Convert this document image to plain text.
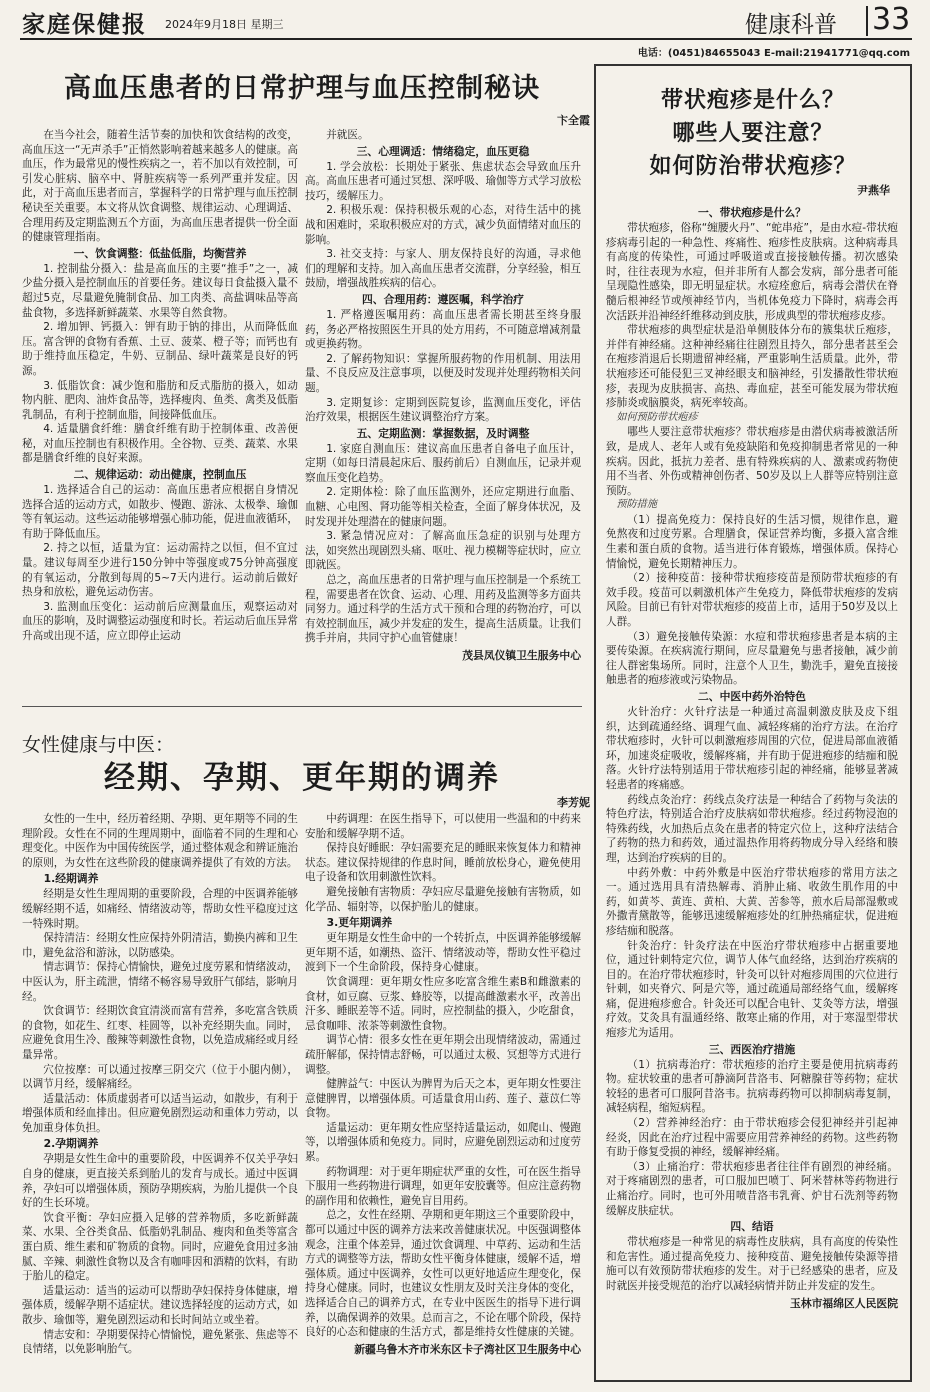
家庭保健报 2024年9月18日 星期三	健康科普 33
电话：(0451)84655043 E-mail:21941771@qq.com
高血压患者的日常护理与血压控制秘诀
卞全霞
在当今社会，随着生活节奏的加快和饮食结构的改变，高血压这一“无声杀手”正悄然影响着越来越多人的健康。高血压，作为最常见的慢性疾病之一，若不加以有效控制，可引发心脏病、脑卒中、肾脏疾病等一系列严重并发症。因此，对于高血压患者而言，掌握科学的日常护理与血压控制秘诀至关重要。本文将从饮食调整、规律运动、心理调适、合理用药及定期监测五个方面，为高血压患者提供一份全面的健康管理指南。
一、饮食调整：低盐低脂，均衡营养
1. 控制盐分摄入：盐是高血压的主要“推手”之一，减少盐分摄入是控制血压的首要任务。建议每日食盐摄入量不超过5克，尽量避免腌制食品、加工肉类、高盐调味品等高盐食物，多选择新鲜蔬菜、水果等自然食物。
2. 增加钾、钙摄入：钾有助于钠的排出，从而降低血压。富含钾的食物有香蕉、土豆、菠菜、橙子等；而钙也有助于维持血压稳定，牛奶、豆制品、绿叶蔬菜是良好的钙源。
3. 低脂饮食：减少饱和脂肪和反式脂肪的摄入，如动物内脏、肥肉、油炸食品等，选择瘦肉、鱼类、禽类及低脂乳制品，有利于控制血脂，间接降低血压。
4. 适量膳食纤维：膳食纤维有助于控制体重、改善便秘，对血压控制也有积极作用。全谷物、豆类、蔬菜、水果都是膳食纤维的良好来源。
二、规律运动：动出健康，控制血压
1. 选择适合自己的运动：高血压患者应根据自身情况选择合适的运动方式，如散步、慢跑、游泳、太极拳、瑜伽等有氧运动。这些运动能够增强心肺功能，促进血液循环，有助于降低血压。
2. 持之以恒，适量为宜：运动需持之以恒，但不宜过量。建议每周至少进行150分钟中等强度或75分钟高强度的有氧运动，分散到每周的5~7天内进行。运动前后做好热身和放松，避免运动伤害。
3. 监测血压变化：运动前后应测量血压，观察运动对血压的影响，及时调整运动强度和时长。若运动后血压异常升高或出现不适，应立即停止运动
并就医。
三、心理调适：情绪稳定，血压更稳
1. 学会放松：长期处于紧张、焦虑状态会导致血压升高。高血压患者可通过冥想、深呼吸、瑜伽等方式学习放松技巧，缓解压力。
2. 积极乐观：保持积极乐观的心态，对待生活中的挑战和困难时，采取积极应对的方式，减少负面情绪对血压的影响。
3. 社交支持：与家人、朋友保持良好的沟通，寻求他们的理解和支持。加入高血压患者交流群，分享经验，相互鼓励，增强战胜疾病的信心。
四、合理用药：遵医嘱，科学治疗
1. 严格遵医嘱用药：高血压患者需长期甚至终身服药，务必严格按照医生开具的处方用药，不可随意增减剂量或更换药物。
2. 了解药物知识：掌握所服药物的作用机制、用法用量、不良反应及注意事项，以便及时发现并处理药物相关问题。
3. 定期复诊：定期到医院复诊，监测血压变化，评估治疗效果，根据医生建议调整治疗方案。
五、定期监测：掌握数据，及时调整
1. 家庭自测血压：建议高血压患者自备电子血压计，定期（如每日清晨起床后、服药前后）自测血压，记录并观察血压变化趋势。
2. 定期体检：除了血压监测外，还应定期进行血脂、血糖、心电图、肾功能等相关检查，全面了解身体状况，及时发现并处理潜在的健康问题。
3. 紧急情况应对：了解高血压急症的识别与处理方法，如突然出现剧烈头痛、呕吐、视力模糊等症状时，应立即就医。
总之，高血压患者的日常护理与血压控制是一个系统工程，需要患者在饮食、运动、心理、用药及监测等多方面共同努力。通过科学的生活方式干预和合理的药物治疗，可以有效控制血压，减少并发症的发生，提高生活质量。让我们携手并肩，共同守护心血管健康！
茂县凤仪镇卫生服务中心
女性健康与中医：
经期、孕期、更年期的调养
李芳妮
女性的一生中，经历着经期、孕期、更年期等不同的生理阶段。女性在不同的生理周期中，面临着不同的生理和心理变化。中医作为中国传统医学，通过整体观念和辨证施治的原则，为女性在这些阶段的健康调养提供了有效的方法。
1.经期调养
经期是女性生理周期的重要阶段，合理的中医调养能够缓解经期不适，如痛经、情绪波动等，帮助女性平稳度过这一特殊时期。
保持清洁：经期女性应保持外阴清洁，勤换内裤和卫生巾，避免盆浴和游泳，以防感染。
情志调节：保持心情愉快，避免过度劳累和情绪波动，中医认为，肝主疏泄，情绪不畅容易导致肝气郁结，影响月经。
饮食调节：经期饮食宜清淡而富有营养，多吃富含铁质的食物，如花生、红枣、桂圆等，以补充经期失血。同时，应避免食用生冷、酸辣等刺激性食物，以免造成痛经或月经量异常。
穴位按摩：可以通过按摩三阴交穴（位于小腿内侧），以调节月经，缓解痛经。
适量活动：体质虚弱者可以适当运动，如散步，有利于增强体质和经血排出。但应避免剧烈运动和重体力劳动，以免加重身体负担。
2.孕期调养
孕期是女性生命中的重要阶段，中医调养不仅关乎孕妇自身的健康，更直接关系到胎儿的发育与成长。通过中医调养，孕妇可以增强体质，预防孕期疾病，为胎儿提供一个良好的生长环境。
饮食平衡：孕妇应摄入足够的营养物质，多吃新鲜蔬菜、水果、全谷类食品、低脂奶乳制品、瘦肉和鱼类等富含蛋白质、维生素和矿物质的食物。同时，应避免食用过多油腻、辛辣、刺激性食物以及含有咖啡因和酒精的饮料，有助于胎儿的稳定。
适量运动：适当的运动可以帮助孕妇保持身体健康，增强体质，缓解孕期不适症状。建议选择轻度的运动方式，如散步、瑜伽等，避免剧烈运动和长时间站立或坐着。
情志安和：孕期要保持心情愉悦，避免紧张、焦虑等不良情绪，以免影响胎气。
中药调理：在医生指导下，可以使用一些温和的中药来安胎和缓解孕期不适。
保持良好睡眠：孕妇需要充足的睡眠来恢复体力和精神状态。建议保持规律的作息时间，睡前放松身心，避免使用电子设备和饮用刺激性饮料。
避免接触有害物质：孕妇应尽量避免接触有害物质，如化学品、辐射等，以保护胎儿的健康。
3.更年期调养
更年期是女性生命中的一个转折点，中医调养能够缓解更年期不适，如潮热、盗汗、情绪波动等，帮助女性平稳过渡到下一个生命阶段，保持身心健康。
饮食调理：更年期女性应多吃富含维生素B和雌激素的食材，如豆腐、豆浆、蜂胶等，以提高雌激素水平，改善出汗多、睡眠差等不适。同时，应控制盐的摄入，少吃甜食，忌食咖啡、浓茶等刺激性食物。
调节心情：很多女性在更年期会出现情绪波动，需通过疏肝解郁，保持情志舒畅，可以通过太极、冥想等方式进行调整。
健脾益气：中医认为脾胃为后天之本，更年期女性要注意健脾胃，以增强体质。可适量食用山药、莲子、薏苡仁等食物。
适量运动：更年期女性应坚持适量运动，如爬山、慢跑等，以增强体质和免疫力。同时，应避免剧烈运动和过度劳累。
药物调理：对于更年期症状严重的女性，可在医生指导下服用一些药物进行调理，如更年安胶囊等。但应注意药物的副作用和依赖性，避免盲目用药。
总之，女性在经期、孕期和更年期这三个重要阶段中，都可以通过中医的调养方法来改善健康状况。中医强调整体观念，注重个体差异，通过饮食调理、中草药、运动和生活方式的调整等方法，帮助女性平衡身体健康，缓解不适，增强体质。通过中医调养，女性可以更好地适应生理变化，保持身心健康。同时，也建议女性朋友及时关注身体的变化，选择适合自己的调养方式，在专业中医医生的指导下进行调养，以确保调养的效果。总而言之，不论在哪个阶段，保持良好的心态和健康的生活方式，都是维持女性健康的关键。
新疆乌鲁木齐市米东区卡子湾社区卫生服务中心
带状疱疹是什么？
哪些人要注意？
如何防治带状疱疹？
尹燕华
一、带状疱疹是什么？
带状疱疹，俗称“缠腰火丹”、“蛇串疮”，是由水痘-带状疱疹病毒引起的一种急性、疼痛性、疱疹性皮肤病。这种病毒具有高度的传染性，可通过呼吸道或直接接触传播。初次感染时，往往表现为水痘，但并非所有人都会发病，部分患者可能呈现隐性感染，即无明显症状。水痘痊愈后，病毒会潜伏在脊髓后根神经节或颅神经节内，当机体免疫力下降时，病毒会再次活跃并沿神经纤维移动到皮肤，形成典型的带状疱疹皮疹。
带状疱疹的典型症状是沿单侧肢体分布的簇集状丘疱疹，并伴有神经痛。这种神经痛往往剧烈且持久，部分患者甚至会在疱疹消退后长期遗留神经痛，严重影响生活质量。此外，带状疱疹还可能侵犯三叉神经眼支和脑神经，引发播散性带状疱疹，表现为皮肤损害、高热、毒血症，甚至可能发展为带状疱疹肺炎或脑膜炎，病死率较高。
如何预防带状疱疹
哪些人要注意带状疱疹？带状疱疹是由潜伏病毒被激活所致，是成人、老年人或有免疫缺陷和免疫抑制患者常见的一种疾病。因此，抵抗力差者、患有特殊疾病的人、激素或药物使用不当者、外伤或精神创伤者、50岁及以上人群等应特别注意预防。
预防措施
（1）提高免疫力：保持良好的生活习惯，规律作息，避免熬夜和过度劳累。合理膳食，保证营养均衡，多摄入富含维生素和蛋白质的食物。适当进行体育锻炼，增强体质。保持心情愉悦，避免长期精神压力。
（2）接种疫苗：接种带状疱疹疫苗是预防带状疱疹的有效手段。疫苗可以刺激机体产生免疫力，降低带状疱疹的发病风险。目前已有针对带状疱疹的疫苗上市，适用于50岁及以上人群。
（3）避免接触传染源：水痘和带状疱疹患者是本病的主要传染源。在疾病流行期间，应尽量避免与患者接触，减少前往人群密集场所。同时，注意个人卫生，勤洗手，避免直接接触患者的疱疹液或污染物品。
二、中医中药外治特色
火针治疗：火针疗法是一种通过高温刺激皮肤及皮下组织，达到疏通经络、调理气血、减轻疼痛的治疗方法。在治疗带状疱疹时，火针可以刺激疱疹周围的穴位，促进局部血液循环，加速炎症吸收，缓解疼痛，并有助于促进疱疹的结痂和脱落。火针疗法特别适用于带状疱疹引起的神经痛，能够显著减轻患者的疼痛感。
药线点灸治疗：药线点灸疗法是一种结合了药物与灸法的特色疗法，特别适合治疗皮肤病如带状疱疹。经过药物浸泡的特殊药线，火加热后点灸在患者的特定穴位上，这种疗法结合了药物的热力和药效，通过温热作用将药物成分导入经络和腠理，达到治疗疾病的目的。
中药外敷：中药外敷是中医治疗带状疱疹的常用方法之一。通过选用具有清热解毒、消肿止痛、收敛生肌作用的中药，如黄芩、黄连、黄柏、大黄、苦参等，煎水后局部湿敷或外撒青黛散等，能够迅速缓解疱疹处的红肿热痛症状，促进疱疹结痂和脱落。
针灸治疗：针灸疗法在中医治疗带状疱疹中占据重要地位，通过针刺特定穴位，调节人体气血经络，达到治疗疾病的目的。在治疗带状疱疹时，针灸可以针对疱疹周围的穴位进行针刺，如夹脊穴、阿是穴等，通过疏通局部经络气血，缓解疼痛，促进疱疹愈合。针灸还可以配合电针、艾灸等方法，增强疗效。艾灸具有温通经络、散寒止痛的作用，对于寒湿型带状疱疹尤为适用。
三、西医治疗措施
（1）抗病毒治疗：带状疱疹的治疗主要是使用抗病毒药物。症状较重的患者可静滴阿昔洛韦、阿糖腺苷等药物；症状较轻的患者可口服阿昔洛韦。抗病毒药物可以抑制病毒复制，减轻病程，缩短病程。
（2）营养神经治疗：由于带状疱疹会侵犯神经并引起神经炎，因此在治疗过程中需要应用营养神经的药物。这些药物有助于修复受损的神经，缓解神经痛。
（3）止痛治疗：带状疱疹患者往往伴有剧烈的神经痛。对于疼痛剧烈的患者，可口服加巴喷丁、阿米替林等药物进行止痛治疗。同时，也可外用喷昔洛韦乳膏、炉甘石洗剂等药物缓解皮肤症状。
四、结语
带状疱疹是一种常见的病毒性皮肤病，具有高度的传染性和危害性。通过提高免疫力、接种疫苗、避免接触传染源等措施可以有效预防带状疱疹的发生。对于已经感染的患者，应及时就医并接受规范的治疗以减轻病情并防止并发症的发生。
玉林市福绵区人民医院
